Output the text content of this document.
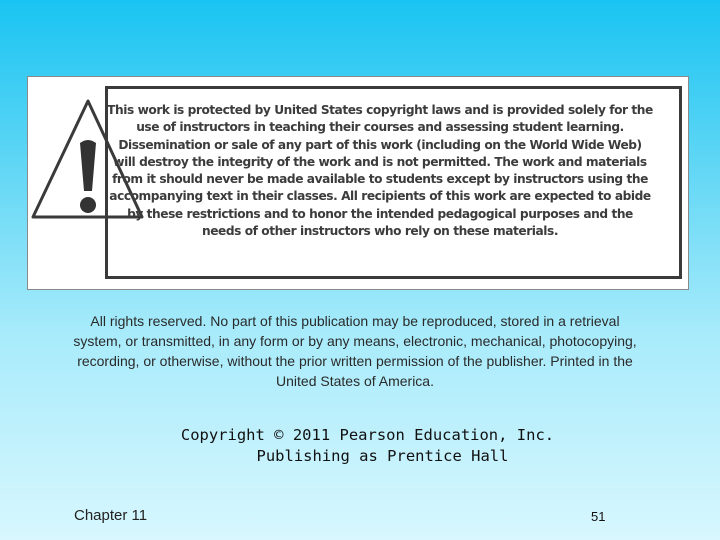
This work is protected by United States copyright laws and is provided solely for the use of instructors in teaching their courses and assessing student learning. Dissemination or sale of any part of this work (including on the World Wide Web) will destroy the integrity of the work and is not permitted. The work and materials from it should never be made available to students except by instructors using the accompanying text in their classes. All recipients of this work are expected to abide by these restrictions and to honor the intended pedagogical purposes and the needs of other instructors who rely on these materials.

All rights reserved. No part of this publication may be reproduced, stored in a retrieval system, or transmitted, in any form or by any means, electronic, mechanical, photocopying, recording, or otherwise, without the prior written permission of the publisher. Printed in the United States of America.

Copyright © 2011 Pearson Education, Inc.
Publishing as Prentice Hall
Chapter 11	51
